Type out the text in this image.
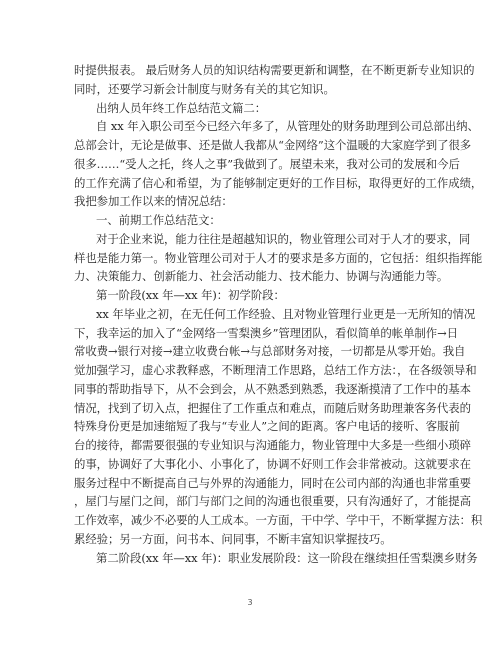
时提供报表。 最后财务人员的知识结构需要更新和调整，在不断更新专业知识的
同时，还要学习新会计制度与财务有关的其它知识。
出纳人员年终工作总结范文篇二：
自 xx 年入职公司至今已经六年多了，从管理处的财务助理到公司总部出纳、
总部会计，无论是做事、还是做人我都从“金网络”这个温暖的大家庭学到了很多
很多……“受人之托，终人之事”我做到了。展望未来，我对公司的发展和今后
的工作充满了信心和希望，为了能够制定更好的工作目标，取得更好的工作成绩，
我把参加工作以来的情况总结：
一、前期工作总结范文：
对于企业来说，能力往往是超越知识的，物业管理公司对于人才的要求，同
样也是能力第一。物业管理公司对于人才的要求是多方面的，它包括：组织指挥能
力、决策能力、创新能力、社会活动能力、技术能力、协调与沟通能力等。
第一阶段(xx 年—xx 年)：初学阶段：
xx 年毕业之初，在无任何工作经验、且对物业管理行业更是一无所知的情况
下，我幸运的加入了“金网络一雪梨澳乡”管理团队，看似简单的帐单制作→日
常收费→银行对接→建立收费台帐→与总部财务对接，一切都是从零开始。我自
觉加强学习，虚心求教释惑，不断理清工作思路，总结工作方法：，在各级领导和
同事的帮助指导下，从不会到会，从不熟悉到熟悉，我逐渐摸清了工作中的基本
情况，找到了切入点，把握住了工作重点和难点，而随后财务助理兼客务代表的
特殊身份更是加速缩短了我与“专业人”之间的距离。客户电话的接听、客服前
台的接待，都需要很强的专业知识与沟通能力，物业管理中大多是一些细小琐碎
的事，协调好了大事化小、小事化了，协调不好则工作会非常被动。这就要求在
服务过程中不断提高自己与外界的沟通能力，同时在公司内部的沟通也非常重要
，屋门与屋门之间，部门与部门之间的沟通也很重要，只有沟通好了，才能提高
工作效率，减少不必要的人工成本。一方面，干中学、学中干，不断掌握方法：积
累经验；另一方面，问书本、问同事，不断丰富知识掌握技巧。
第二阶段(xx 年—xx 年)：职业发展阶段：这一阶段在继续担任雪梨澳乡财务
3
